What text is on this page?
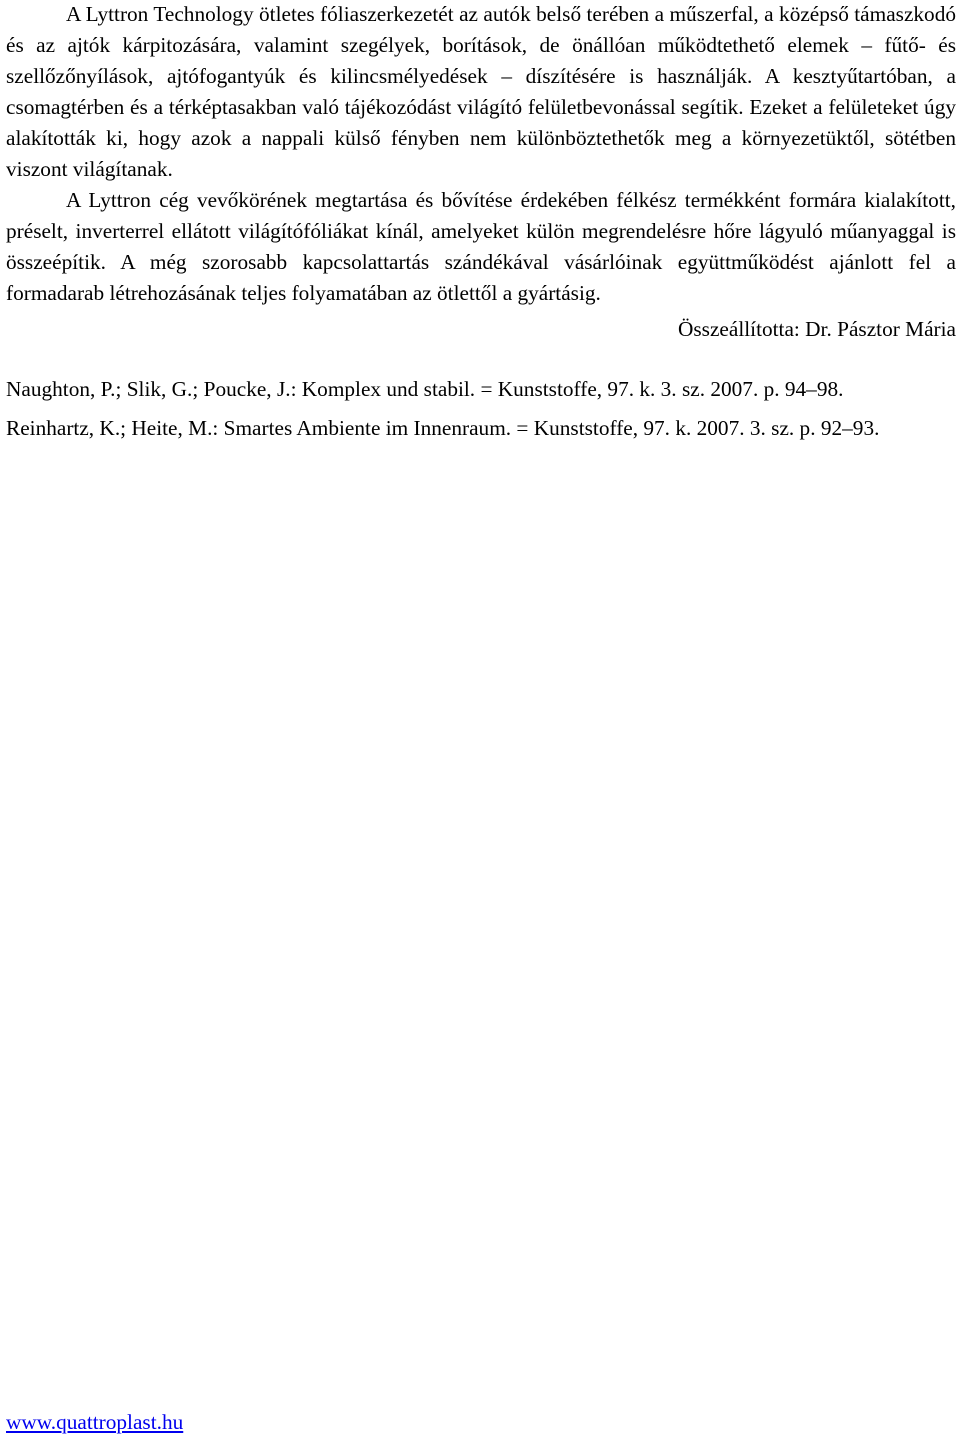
A Lyttron Technology ötletes fóliaszerkezetét az autók belső terében a műszerfal, a középső támaszkodó és az ajtók kárpitozására, valamint szegélyek, borítások, de önállóan működtethető elemek – fűtő- és szellőzőnyílások, ajtófogantyúk és kilincsmélyedések – díszítésére is használják. A kesztyűtartóban, a csomagtérben és a térképtasakban való tájékozódást világító felületbevonással segítik. Ezeket a felületeket úgy alakították ki, hogy azok a nappali külső fényben nem különböztethetők meg a környezetüktől, sötétben viszont világítanak.

A Lyttron cég vevőkörének megtartása és bővítése érdekében félkész termékként formára kialakított, préselt, inverterrel ellátott világítófóliákat kínál, amelyeket külön megrendelésre hőre lágyuló műanyaggal is összeépítik. A még szorosabb kapcsolattartás szándékával vásárlóinak együttműködést ajánlott fel a formadarab létrehozásának teljes folyamatában az ötlettől a gyártásig.

Összeállította: Dr. Pásztor Mária

Naughton, P.; Slik, G.; Poucke, J.: Komplex und stabil. = Kunststoffe, 97. k. 3. sz. 2007. p. 94–98.

Reinhartz, K.; Heite, M.: Smartes Ambiente im Innenraum. = Kunststoffe, 97. k. 2007. 3. sz. p. 92–93.

www.quattroplast.hu
